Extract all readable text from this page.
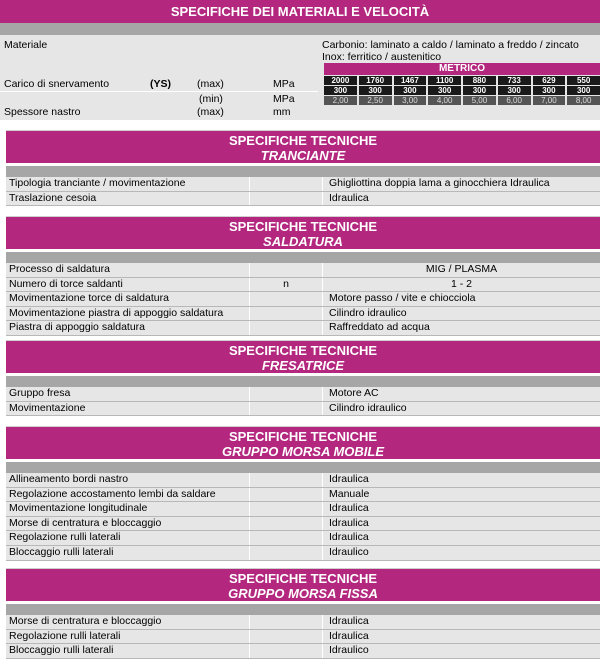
SPECIFICHE DEI MATERIALI E VELOCITÀ
Materiale	Carbonio: laminato a caldo / laminato a freddo / zincato
Inox: ferritico / austenitico
Carico di snervamento	(YS) (max)	MPa
(min)	MPa
Spessore nastro	(max)	mm
METRICO
2000	1760	1467	1100	880	733	629	550
300	300	300	300	300	300	300	300
2,00	2,50	3,00	4,00	5,00	6,00	7,00	8,00
SPECIFICHE TECNICHE
TRANCIANTE
Tipologia tranciante / movimentazione	Ghigliottina doppia lama a ginocchiera Idraulica
Traslazione cesoia	Idraulica
SPECIFICHE TECNICHE
SALDATURA
Processo di saldatura	MIG / PLASMA
Numero di torce saldanti	n	1 - 2
Movimentazione torce di saldatura	Motore passo / vite e chiocciola
Movimentazione piastra di appoggio saldatura	Cilindro idraulico
Piastra di appoggio saldatura	Raffreddato ad acqua
SPECIFICHE TECNICHE
FRESATRICE
Gruppo fresa	Motore AC
Movimentazione	Cilindro idraulico
SPECIFICHE TECNICHE
GRUPPO MORSA MOBILE
Allineamento bordi nastro	Idraulica
Regolazione accostamento lembi da saldare	Manuale
Movimentazione longitudinale	Idraulica
Morse di centratura e bloccaggio	Idraulica
Regolazione rulli laterali	Idraulica
Bloccaggio rulli laterali	Idraulico
SPECIFICHE TECNICHE
GRUPPO MORSA FISSA
Morse di centratura e bloccaggio	Idraulica
Regolazione rulli laterali	Idraulica
Bloccaggio rulli laterali	Idraulico
